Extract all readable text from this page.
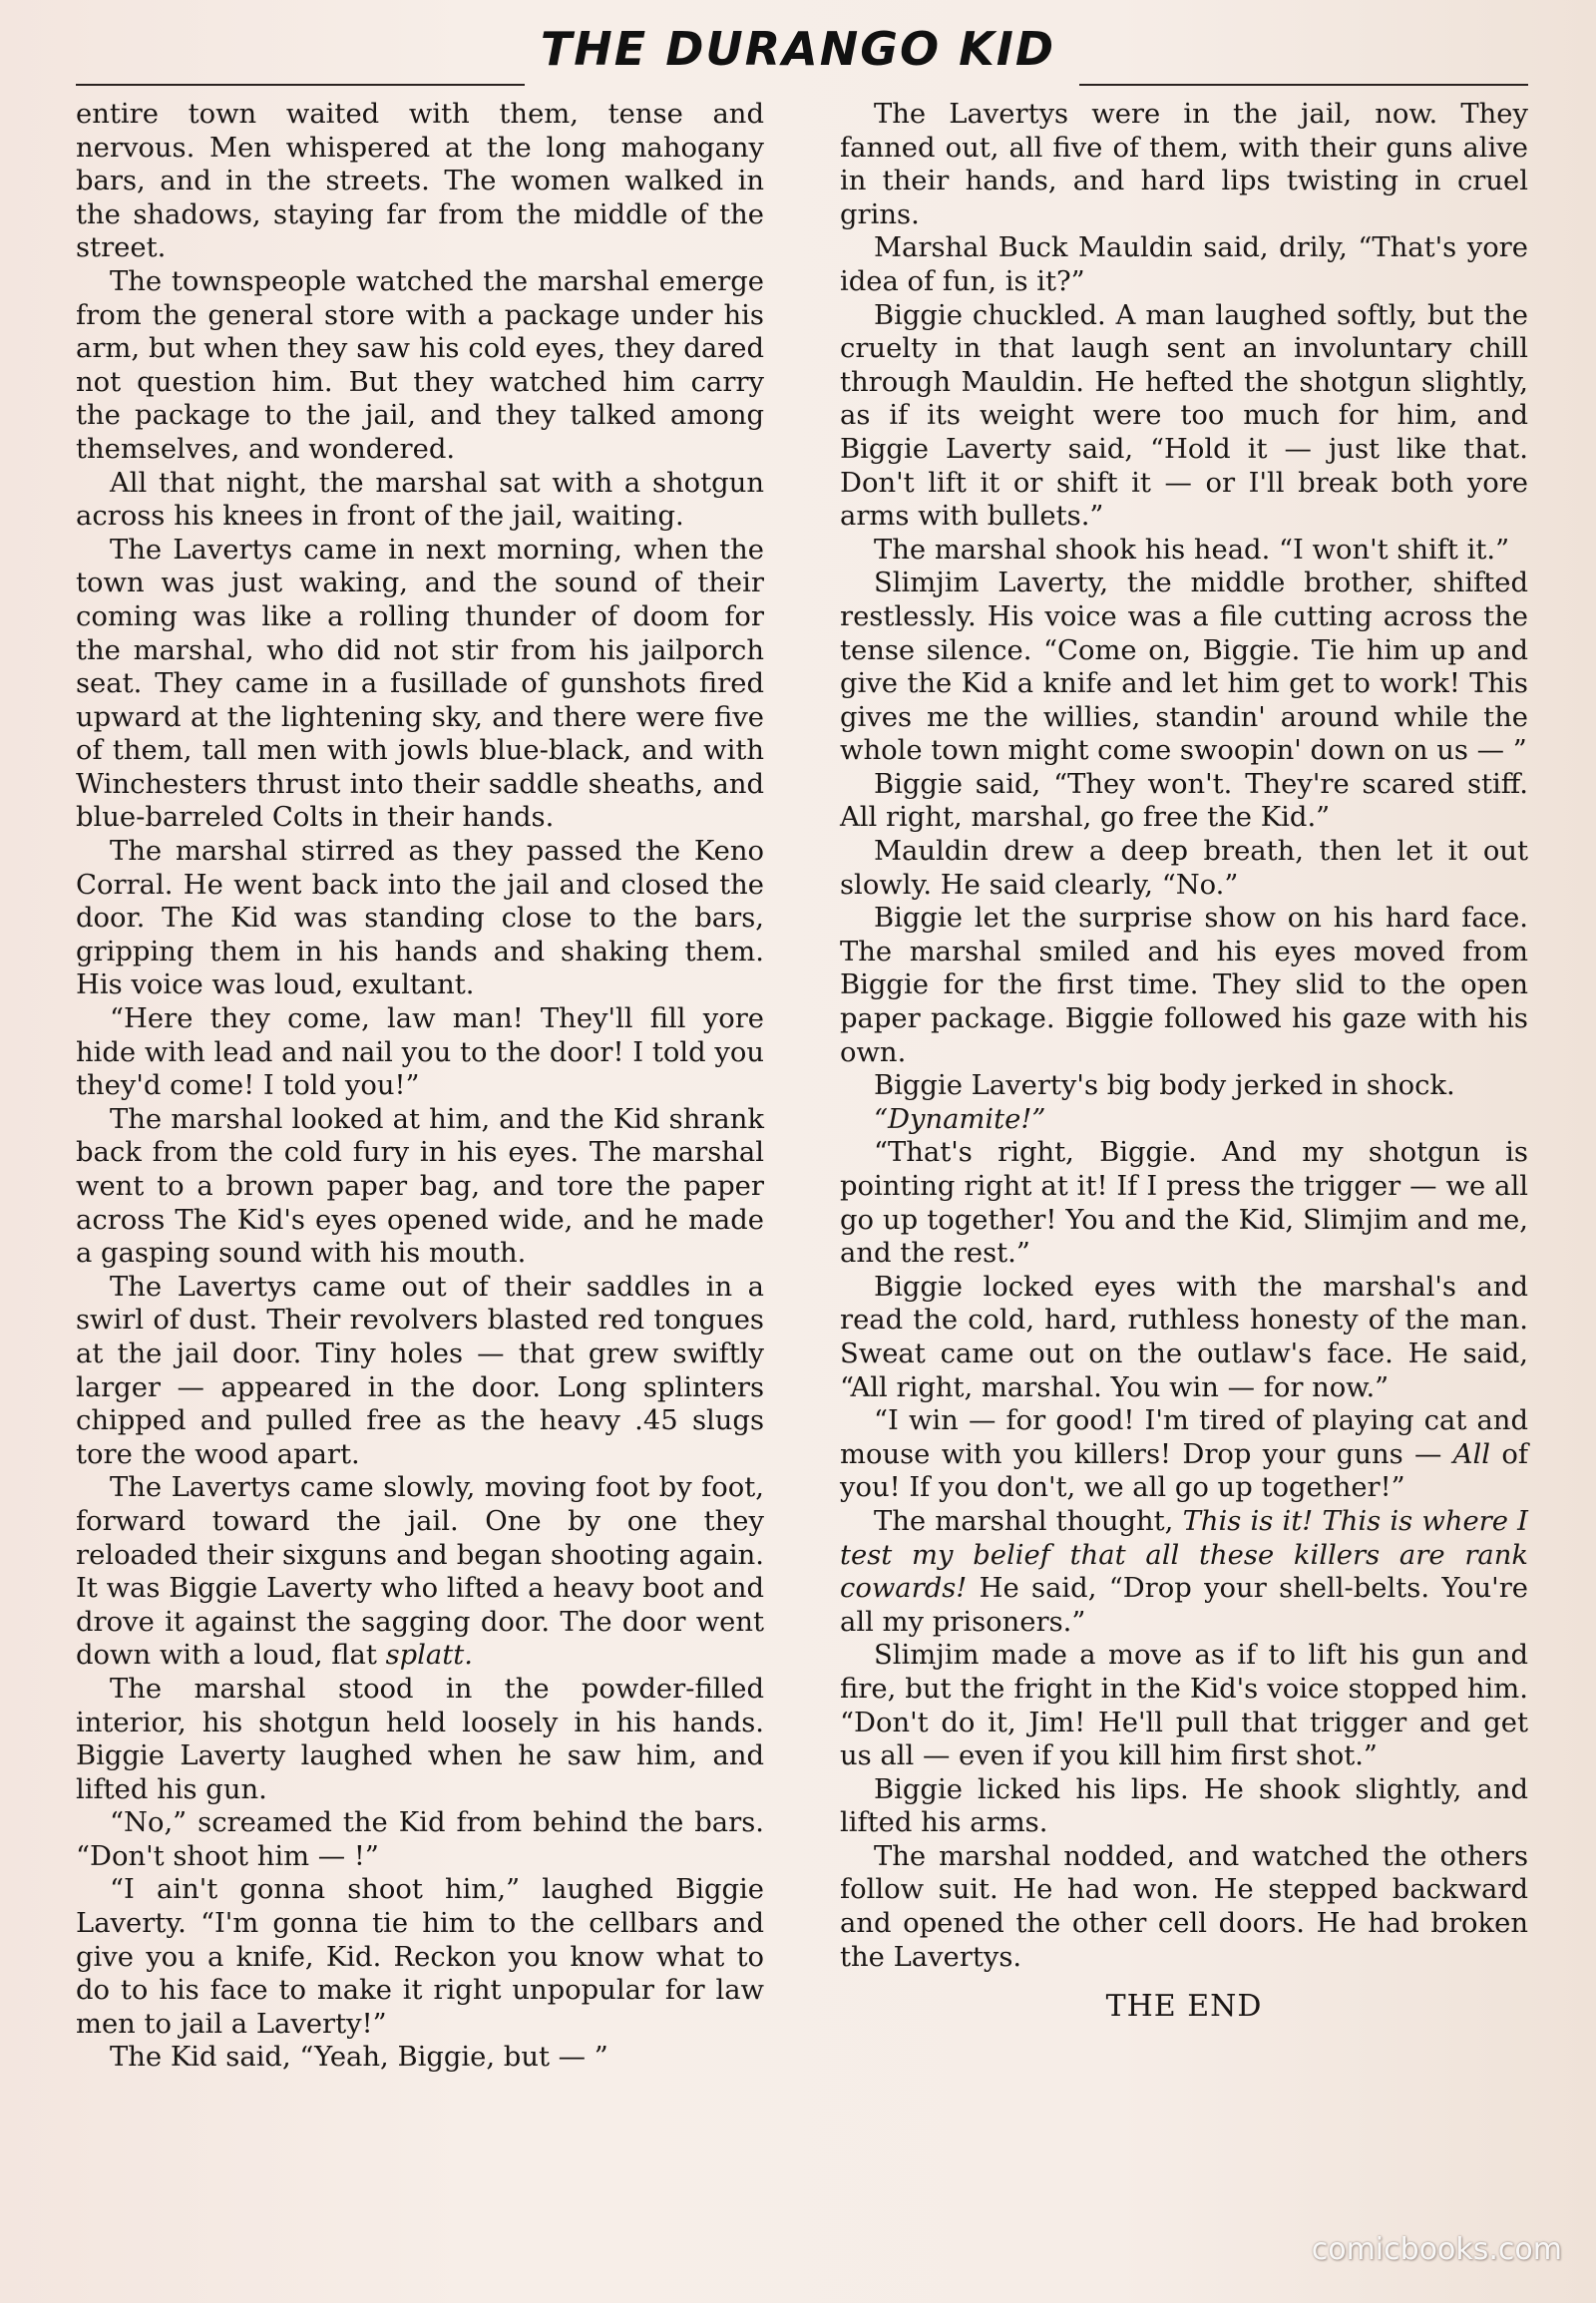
THE DURANGO KID

entire town waited with them, tense and nervous. Men whispered at the long mahogany bars, and in the streets. The women walked in the shadows, staying far from the middle of the street.

The townspeople watched the marshal emerge from the general store with a package under his arm, but when they saw his cold eyes, they dared not question him. But they watched him carry the package to the jail, and they talked among themselves, and wondered.

All that night, the marshal sat with a shotgun across his knees in front of the jail, waiting.

The Lavertys came in next morning, when the town was just waking, and the sound of their coming was like a rolling thunder of doom for the marshal, who did not stir from his jailporch seat. They came in a fusillade of gunshots fired upward at the lightening sky, and there were five of them, tall men with jowls blue-black, and with Winchesters thrust into their saddle sheaths, and blue-barreled Colts in their hands.

The marshal stirred as they passed the Keno Corral. He went back into the jail and closed the door. The Kid was standing close to the bars, gripping them in his hands and shaking them. His voice was loud, exultant.

“Here they come, law man! They'll fill yore hide with lead and nail you to the door! I told you they'd come! I told you!”

The marshal looked at him, and the Kid shrank back from the cold fury in his eyes. The marshal went to a brown paper bag, and tore the paper across The Kid's eyes opened wide, and he made a gasping sound with his mouth.

The Lavertys came out of their saddles in a swirl of dust. Their revolvers blasted red tongues at the jail door. Tiny holes — that grew swiftly larger — appeared in the door. Long splinters chipped and pulled free as the heavy .45 slugs tore the wood apart.

The Lavertys came slowly, moving foot by foot, forward toward the jail. One by one they reloaded their sixguns and began shooting again. It was Biggie Laverty who lifted a heavy boot and drove it against the sagging door. The door went down with a loud, flat splatt.

The marshal stood in the powder-filled interior, his shotgun held loosely in his hands. Biggie Laverty laughed when he saw him, and lifted his gun.

“No,” screamed the Kid from behind the bars. “Don't shoot him — !”

“I ain't gonna shoot him,” laughed Biggie Laverty. “I'm gonna tie him to the cellbars and give you a knife, Kid. Reckon you know what to do to his face to make it right unpopular for law men to jail a Laverty!”

The Kid said, “Yeah, Biggie, but — ”

The Lavertys were in the jail, now. They fanned out, all five of them, with their guns alive in their hands, and hard lips twisting in cruel grins.

Marshal Buck Mauldin said, drily, “That's yore idea of fun, is it?”

Biggie chuckled. A man laughed softly, but the cruelty in that laugh sent an involuntary chill through Mauldin. He hefted the shotgun slightly, as if its weight were too much for him, and Biggie Laverty said, “Hold it — just like that. Don't lift it or shift it — or I'll break both yore arms with bullets.”

The marshal shook his head. “I won't shift it.”

Slimjim Laverty, the middle brother, shifted restlessly. His voice was a file cutting across the tense silence. “Come on, Biggie. Tie him up and give the Kid a knife and let him get to work! This gives me the willies, standin' around while the whole town might come swoopin' down on us — ”

Biggie said, “They won't. They're scared stiff. All right, marshal, go free the Kid.”

Mauldin drew a deep breath, then let it out slowly. He said clearly, “No.”

Biggie let the surprise show on his hard face. The marshal smiled and his eyes moved from Biggie for the first time. They slid to the open paper package. Biggie followed his gaze with his own.

Biggie Laverty's big body jerked in shock.

“Dynamite!”

“That's right, Biggie. And my shotgun is pointing right at it! If I press the trigger — we all go up together! You and the Kid, Slimjim and me, and the rest.”

Biggie locked eyes with the marshal's and read the cold, hard, ruthless honesty of the man. Sweat came out on the outlaw's face. He said, “All right, marshal. You win — for now.”

“I win — for good! I'm tired of playing cat and mouse with you killers! Drop your guns — All of you! If you don't, we all go up together!”

The marshal thought, This is it! This is where I test my belief that all these killers are rank cowards! He said, “Drop your shell-belts. You're all my prisoners.”

Slimjim made a move as if to lift his gun and fire, but the fright in the Kid's voice stopped him. “Don't do it, Jim! He'll pull that trigger and get us all — even if you kill him first shot.”

Biggie licked his lips. He shook slightly, and lifted his arms.

The marshal nodded, and watched the others follow suit. He had won. He stepped backward and opened the other cell doors. He had broken the Lavertys.

THE END
comicbooks.com
